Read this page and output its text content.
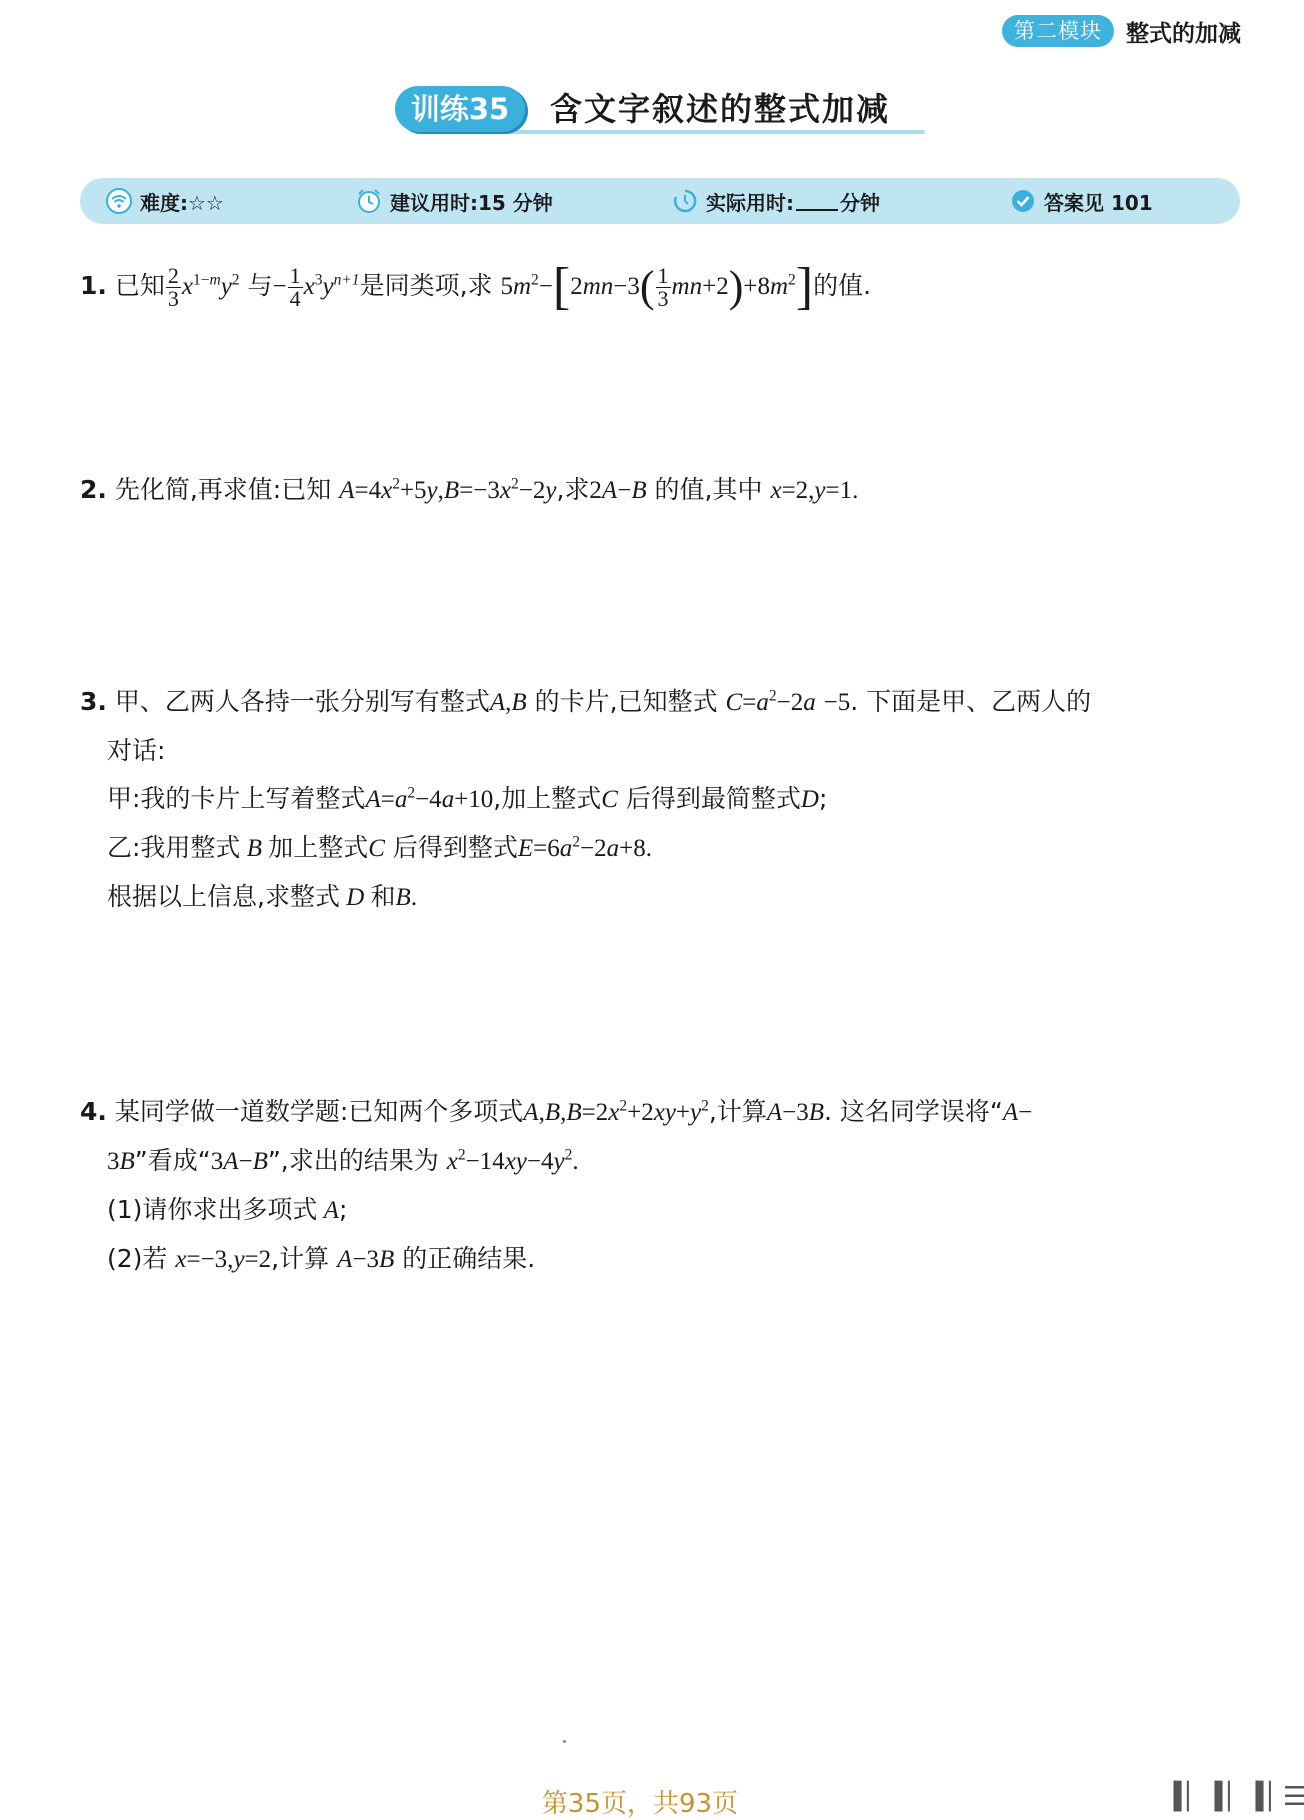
第二模块	整式的加减
训练35	含文字叙述的整式加减
难度:☆☆	建议用时:15 分钟	实际用时: 分钟	答案见 101
1. 已知 $\frac{2}{3} x^{1-m}y^2$ 与− $\frac{1}{4} x^3y^{n+1}$是同类项,求 $5m^2-[2mn-3( \frac{1}{3} mn+2)+8m^2]$的值.
2. 先化简,再求值:已知 $A=4x^2+5y,B=-3x^2-2y$,求2A−B 的值,其中 x=2,y=1.
3. 甲、乙两人各持一张分别写有整式A,B 的卡片,已知整式 $C=a^2-2a -5$. 下面是甲、乙两人的
对话:
甲:我的卡片上写着整式$A=a^2-4a+10$,加上整式C 后得到最简整式D;
乙:我用整式 B 加上整式C 后得到整式$E=6a^2-2a+8$.
根据以上信息,求整式 D 和B.
4. 某同学做一道数学题:已知两个多项式$A,B,B=2x^2+2xy+y^2$,计算A−3B. 这名同学误将“A−
3B”看成“3A−B”,求出的结果为 $x^2-14xy-4y^2$.
(1)请你求出多项式 A;
(2)若 x=−3,y=2,计算 A−3B 的正确结果.
第35页，共93页	▕▌▏▕▌▏▕▌▏☰
